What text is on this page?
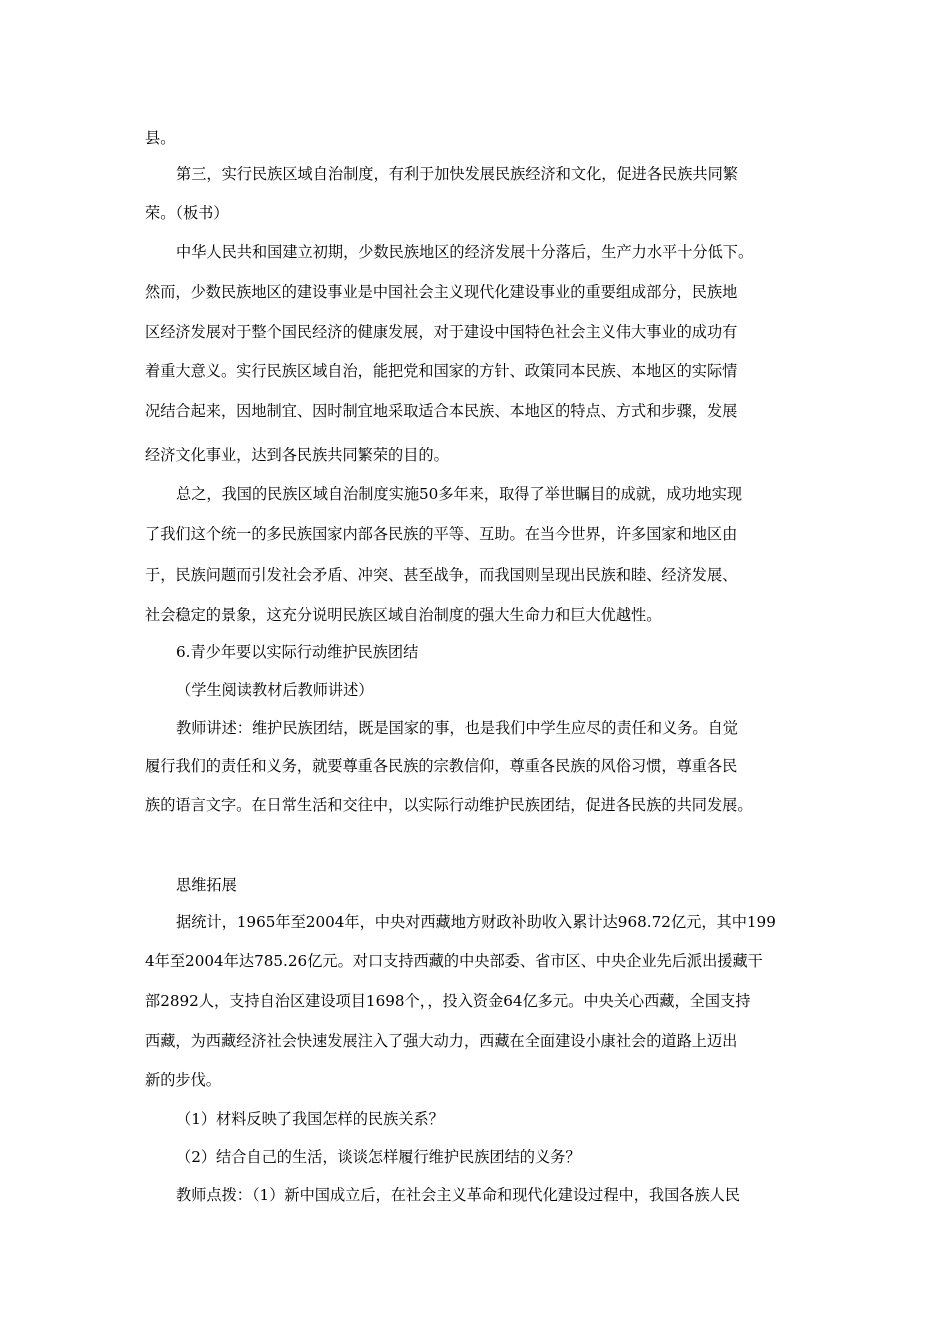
县。
第三，实行民族区域自治制度，有利于加快发展民族经济和文化，促进各民族共同繁
荣。（板书）
中华人民共和国建立初期，少数民族地区的经济发展十分落后，生产力水平十分低下。
然而，少数民族地区的建设事业是中国社会主义现代化建设事业的重要组成部分，民族地
区经济发展对于整个国民经济的健康发展，对于建设中国特色社会主义伟大事业的成功有
着重大意义。实行民族区域自治，能把党和国家的方针、政策同本民族、本地区的实际情
况结合起来，因地制宜、因时制宜地采取适合本民族、本地区的特点、方式和步骤，发展
经济文化事业，达到各民族共同繁荣的目的。
总之，我国的民族区域自治制度实施50多年来，取得了举世瞩目的成就，成功地实现
了我们这个统一的多民族国家内部各民族的平等、互助。在当今世界，许多国家和地区由
于，民族问题而引发社会矛盾、冲突、甚至战争，而我国则呈现出民族和睦、经济发展、
社会稳定的景象，这充分说明民族区域自治制度的强大生命力和巨大优越性。
6.青少年要以实际行动维护民族团结
（学生阅读教材后教师讲述）
教师讲述：维护民族团结，既是国家的事，也是我们中学生应尽的责任和义务。自觉
履行我们的责任和义务，就要尊重各民族的宗教信仰，尊重各民族的风俗习惯，尊重各民
族的语言文字。在日常生活和交往中，以实际行动维护民族团结，促进各民族的共同发展。
思维拓展
据统计，1965年至2004年，中央对西藏地方财政补助收入累计达968.72亿元，其中199
4年至2004年达785.26亿元。对口支持西藏的中央部委、省市区、中央企业先后派出援藏干
部2892人，支持自治区建设项目1698个，，投入资金64亿多元。中央关心西藏，全国支持
西藏，为西藏经济社会快速发展注入了强大动力，西藏在全面建设小康社会的道路上迈出
新的步伐。
（1）材料反映了我国怎样的民族关系？
（2）结合自己的生活，谈谈怎样履行维护民族团结的义务？
教师点拨：（1）新中国成立后，在社会主义革命和现代化建设过程中，我国各族人民
